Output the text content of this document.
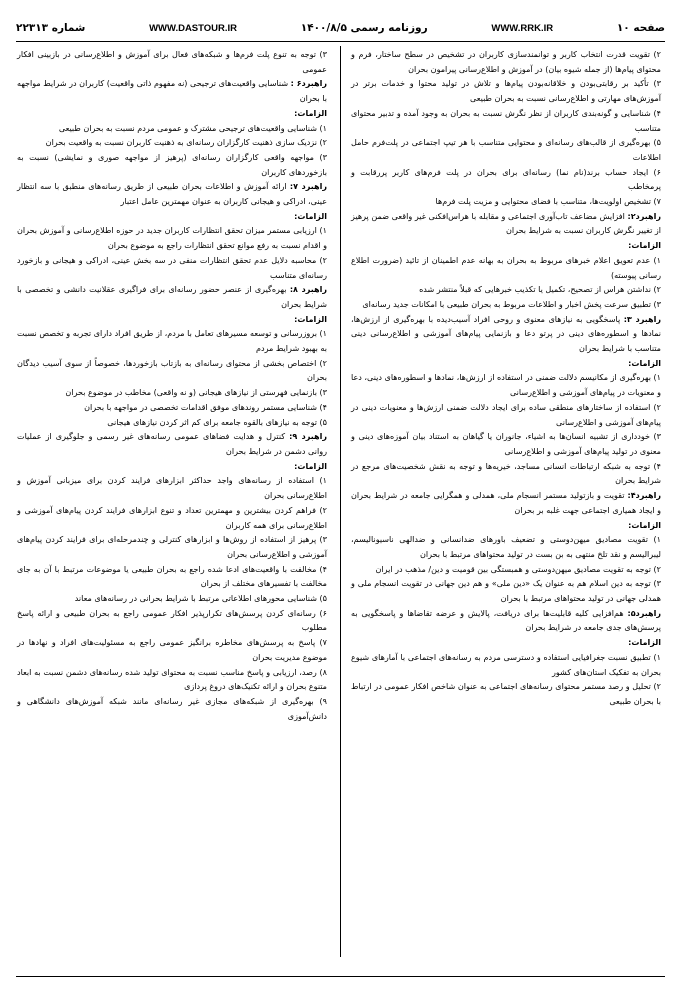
صفحه ۱۰
WWW.RRK.IR
روزنامه رسمی ۱۴۰۰/۸/۵
WWW.DASTOUR.IR
شماره ۲۲۳۱۳

۲) تقویت قدرت انتخاب کاربر و توانمندسازی کاربران در تشخیص در سطح ساختار، فرم و محتوای پیام‌ها (از جمله شیوه بیان) در آموزش و اطلاع‌رسانی پیرامون بحران

۳) تأکید بر رقابتی‌بودن و خلاقانه‌بودن پیام‌ها و تلاش در تولید محتوا و خدمات برتر در آموزش‌های مهارتی و اطلاع‌رسانی نسبت به بحران طبیعی

۴) شناسایی و گونه‌بندی کاربران از نظر نگرش نسبت به بحران به وجود آمده و تدبیر محتوای متناسب

۵) بهره‌گیری از قالب‌های رسانه‌ای و محتوایی متناسب با هر تیپ اجتماعی در پلت‌فرم حامل اطلاعات

۶) ایجاد حساب برند(نام نما) رسانه‌ای برای بحران در پلت فرم‌های کاربر پررقابت و پرمخاطب

۷) تشخیص اولویت‌ها، متناسب با فضای محتوایی و مزیت پلت فرم‌ها

راهبرد۲: افزایش مضاعف تاب‌آوری اجتماعی و مقابله با هراس‌افکنی غیر واقعی ضمن پرهیز از تغییر نگرش کاربران نسبت به شرایط بحران

الزامات:

۱) عدم تعویق اعلام خبرهای مربوط به بحران به بهانه عدم اطمینان از تائید (ضرورت اطلاع رسانی پیوسته)

۲) نداشتن هراس از تصحیح، تکمیل یا تکذیب خبرهایی که قبلاً منتشر شده

۳) تطبیق سرعت پخش اخبار و اطلاعات مربوط به بحران طبیعی با امکانات جدید رسانه‌ای

راهبرد ۳: پاسخگویی به نیازهای معنوی و روحی افراد آسیب‌دیده با بهره‌گیری از ارزش‌ها، نمادها و اسطوره‌های دینی در پرتو دعا و بازنمایی پیام‌های آموزشی و اطلاع‌رسانی دینی متناسب با شرایط بحران

الزامات:

۱) بهره‌گیری از مکانیسم دلالت ضمنی در استفاده از ارزش‌ها، نمادها و اسطوره‌های دینی، دعا و معنویات در پیام‌های آموزشی و اطلاع‌رسانی

۲) استفاده از ساختارهای منطقی ساده برای ایجاد دلالت ضمنی ارزش‌ها و معنویات دینی در پیام‌های آموزشی و اطلاع‌رسانی

۳) خودداری از تشبیه انسان‌ها به اشیاء، جانوران یا گیاهان به استناد بیان آموزه‌های دینی و معنوی در تولید پیام‌های آموزشی و اطلاع‌رسانی

۴) توجه به شبکه ارتباطات انسانی مساجد، خیریه‌ها و توجه به نقش شخصیت‌های مرجع در شرایط بحران

راهبرد۴: تقویت و بازتولید مستمر انسجام ملی، همدلی و همگرایی جامعه در شرایط بحران و ایجاد همیاری اجتماعی جهت غلبه بر بحران

الزامات:

۱) تقویت مصادیق میهن‌دوستی و تضعیف باورهای ضدانسانی و ضدالهی ناسیونالیسم، لیبرالیسم و نقد تلخ منتهی به بن بست در تولید محتواهای مرتبط با بحران

۲) توجه به تقویت مصادیق میهن‌دوستی و همبستگی بین قومیت و دین/ مذهب در ایران

۳) توجه به دین اسلام هم به عنوان یک «دین ملی» و هم دین جهانی در تقویت انسجام ملی و همدلی جهانی در تولید محتواهای مرتبط با بحران

راهبرد۵: هم‌افزایی کلیه قابلیت‌ها برای دریافت، پالایش و عرضه تقاضاها و پاسخگویی به پرسش‌های جدی جامعه در شرایط بحران

الزامات:

۱) تطبیق نسبت جغرافیایی استفاده و دسترسی مردم به رسانه‌های اجتماعی با آمارهای شیوع بحران به تفکیک استان‌های کشور

۲) تحلیل و رصد مستمر محتوای رسانه‌های اجتماعی به عنوان شاخص افکار عمومی در ارتباط با بحران طبیعی

۳) توجه به تنوع پلت فرم‌ها و شبکه‌های فعال برای آموزش و اطلاع‌رسانی در بازبینی افکار عمومی

راهبرد۶ : شناسایی واقعیت‌های ترجیحی (نه مفهوم ذاتی واقعیت) کاربران در شرایط مواجهه با بحران

الزامات:

۱) شناسایی واقعیت‌های ترجیحی مشترک و عمومی مردم نسبت به بحران طبیعی

۲) نزدیک سازی ذهنیت کارگزاران رسانه‌ای به ذهنیت کاربران نسبت به واقعیت بحران

۳) مواجهه واقعی کارگزاران رسانه‌ای (پرهیز از مواجهه صوری و نمایشی) نسبت به بازخوردهای کاربران

راهبرد ۷: ارائه آموزش و اطلاعات بحران طبیعی از طریق رسانه‌های منطبق با سه انتظار عینی، ادراکی و هیجانی کاربران به عنوان مهمترین عامل اعتبار

الزامات:

۱) ارزیابی مستمر میزان تحقق انتظارات کاربران جدید در حوزه اطلاع‌رسانی و آموزش بحران و اقدام نسبت به رفع موانع تحقق انتظارات راجع به موضوع بحران

۲) محاسبه دلایل عدم تحقق انتظارات منفی در سه بخش عینی، ادراکی و هیجانی و بازخورد رسانه‌ای متناسب

راهبرد ۸: بهره‌گیری از عنصر حضور رسانه‌ای برای فراگیری عقلانیت دانشی و تخصصی با شرایط بحران

الزامات:

۱) بروزرسانی و توسعه مسیرهای تعامل با مردم، از طریق افراد دارای تجربه و تخصص نسبت به بهبود شرایط مردم

۲) اختصاص بخشی از محتوای رسانه‌ای به بازتاب بازخوردها، خصوصاً از سوی آسیب دیدگان بحران

۳) بازنمایی فهرستی از نیازهای هیجانی (و نه واقعی) مخاطب در موضوع بحران

۴) شناسایی مستمر روندهای موفق اقدامات تخصصی در مواجهه با بحران

۵) توجه به نیازهای بالقوه جامعه برای کم اثر کردن نیازهای هیجانی

راهبرد ۹: کنترل و هدایت فضاهای عمومی رسانه‌های غیر رسمی و جلوگیری از عملیات روانی دشمن در شرایط بحران

الزامات:

۱) استفاده از رسانه‌های واجد حداکثر ابزارهای فرایند کردن برای میزبانی آموزش و اطلاع‌رسانی بحران

۲) فراهم کردن بیشترین و مهمترین تعداد و تنوع ابزارهای فرایند کردن پیام‌های آموزشی و اطلاع‌رسانی برای همه کاربران

۳) پرهیز از استفاده از روش‌ها و ابزارهای کنترلی و چندمرحله‌ای برای فرایند کردن پیام‌های آموزشی و اطلاع‌رسانی بحران

۴) مخالفت با واقعیت‌های ادعا شده راجع به بحران طبیعی یا موضوعات مرتبط با آن به جای مخالفت با تفسیرهای مختلف از بحران

۵) شناسایی محورهای اطلاعاتی مرتبط با شرایط بحرانی در رسانه‌های معاند

۶) رسانه‌ای کردن پرسش‌های تکرارپذیر افکار عمومی راجع به بحران طبیعی و ارائه پاسخ مطلوب

۷) پاسخ به پرسش‌های مخاطره برانگیز عمومی راجع به مسئولیت‌های افراد و نهادها در موضوع مدیریت بحران

۸) رصد، ارزیابی و پاسخ مناسب نسبت به محتوای تولید شده رسانه‌های دشمن نسبت به ابعاد متنوع بحران و ارائه تکنیک‌های دروغ پردازی

۹) بهره‌گیری از شبکه‌های مجازی غیر رسانه‌ای مانند شبکه آموزش‌های دانشگاهی و دانش‌آموزی
